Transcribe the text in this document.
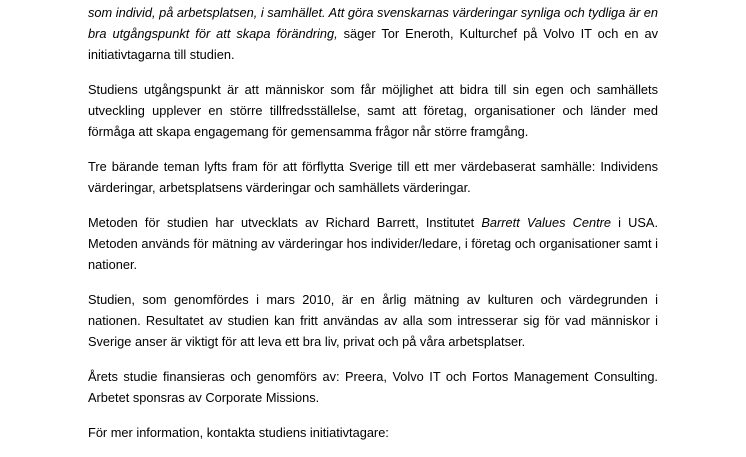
som individ, på arbetsplatsen, i samhället. Att göra svenskarnas värderingar synliga och tydliga är en bra utgångspunkt för att skapa förändring, säger Tor Eneroth, Kulturchef på Volvo IT och en av initiativtagarna till studien.

Studiens utgångspunkt är att människor som får möjlighet att bidra till sin egen och samhällets utveckling upplever en större tillfredsställelse, samt att företag, organisationer och länder med förmåga att skapa engagemang för gemensamma frågor når större framgång.

Tre bärande teman lyfts fram för att förflytta Sverige till ett mer värdebaserat samhälle: Individens värderingar, arbetsplatsens värderingar och samhällets värderingar.

Metoden för studien har utvecklats av Richard Barrett, Institutet Barrett Values Centre i USA. Metoden används för mätning av värderingar hos individer/ledare, i företag och organisationer samt i nationer.

Studien, som genomfördes i mars 2010, är en årlig mätning av kulturen och värdegrunden i nationen. Resultatet av studien kan fritt användas av alla som intresserar sig för vad människor i Sverige anser är viktigt för att leva ett bra liv, privat och på våra arbetsplatser.

Årets studie finansieras och genomförs av: Preera, Volvo IT och Fortos Management Consulting. Arbetet sponsras av Corporate Missions.

För mer information, kontakta studiens initiativtagare:
